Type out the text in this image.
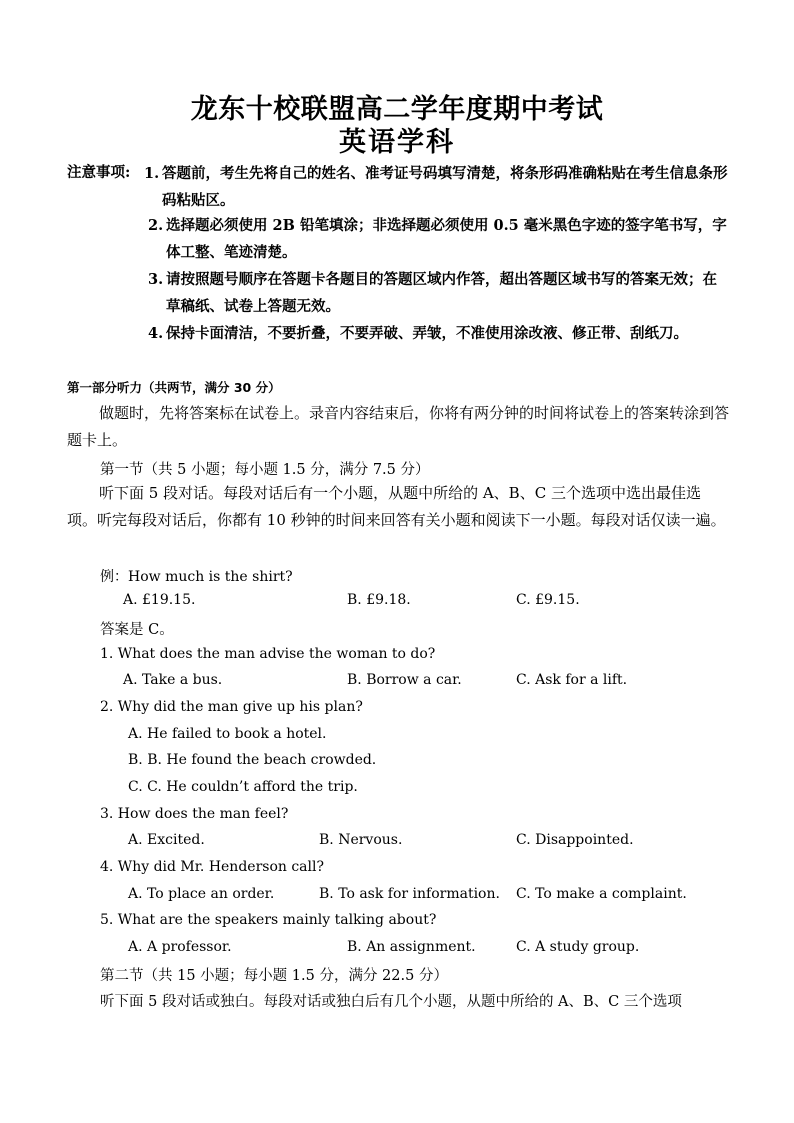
龙东十校联盟高二学年度期中考试
英语学科
注意事项: 1. 答题前，考生先将自己的姓名、准考证号码填写清楚，将条形码准确粘贴在考生信息条形码粘贴区。
2. 选择题必须使用 2B 铅笔填涂；非选择题必须使用 0.5 毫米黑色字迹的签字笔书写，字体工整、笔迹清楚。
3. 请按照题号顺序在答题卡各题目的答题区域内作答，超出答题区域书写的答案无效；在草稿纸、试卷上答题无效。
4. 保持卡面清洁，不要折叠，不要弄破、弄皱，不准使用涂改液、修正带、刮纸刀。
第一部分听力（共两节，满分 30 分）
做题时，先将答案标在试卷上。录音内容结束后，你将有两分钟的时间将试卷上的答案转涂到答题卡上。
第一节（共 5 小题；每小题 1.5 分，满分 7.5 分）
听下面 5 段对话。每段对话后有一个小题，从题中所给的 A、B、C 三个选项中选出最佳选项。听完每段对话后，你都有 10 秒钟的时间来回答有关小题和阅读下一小题。每段对话仅读一遍。
例：How much is the shirt?
A. £19.15.	B. £9.18.	C. £9.15.
答案是 C。
1. What does the man advise the woman to do?
A. Take a bus.	B. Borrow a car.	C. Ask for a lift.
2. Why did the man give up his plan?
A. He failed to book a hotel.
B. B. He found the beach crowded.
C. C. He couldn’t afford the trip.
3. How does the man feel?
A. Excited.	B. Nervous.	C. Disappointed.
4. Why did Mr. Henderson call?
A. To place an order.	B. To ask for information. C. To make a complaint.
5. What are the speakers mainly talking about?
A. A professor.	B. An assignment.	C. A study group.
第二节（共 15 小题；每小题 1.5 分，满分 22.5 分）
听下面 5 段对话或独白。每段对话或独白后有几个小题，从题中所给的 A、B、C 三个选项
